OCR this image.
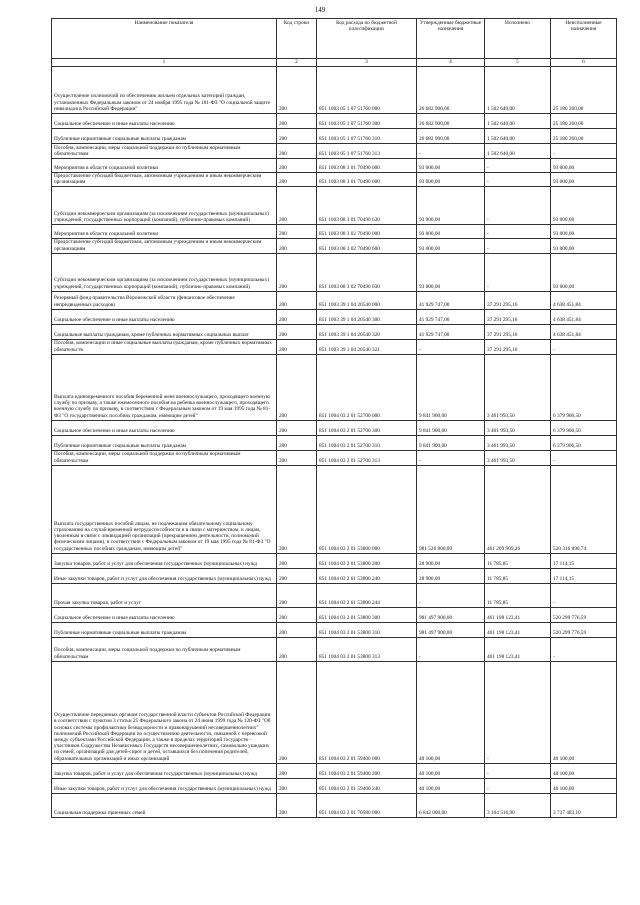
149
Наименование показателя	Код строки	Код расхода по бюджетной классификации	Утвержденные бюджетные назначения	Исполнено	Неисполненные назначения
1	2	3	4	5	6
Осуществление полномочий по обеспечению жильем отдельных категорий граждан, установленных Федеральным законом от 24 ноября 1995 года № 181-ФЗ "О социальной защите инвалидов в Российской Федерации"	200	851 1003 05 1 07 51760 000	26 682 900,00	1 502 640,00	25 180 260,00
Социальное обеспечение и иные выплаты населению	200	851 1003 05 1 07 51760 300	26 682 900,00	1 502 640,00	25 180 260,00
Публичные нормативные социальные выплаты гражданам	200	851 1003 05 1 07 51760 310	26 682 900,00	1 502 640,00	25 180 260,00
Пособия, компенсации, меры социальной поддержки по публичным нормативным обязательствам	200	851 1003 05 1 07 51760 313	-	1 502 640,00	-
Мероприятия в области социальной политики	200	851 1003 08 3 01 70490 000	93 000,00	-	93 000,00
Предоставление субсидий бюджетным, автономным учреждениям и иным некоммерческим организациям	200	851 1003 08 3 01 70490 600	93 000,00	-	93 000,00
Субсидии некоммерческим организациям (за исключением государственных (муниципальных) учреждений, государственных корпораций (компаний), публично-правовых компаний)	200	851 1003 08 3 01 70490 630	93 000,00	-	93 000,00
Мероприятия в области социальной политики	200	851 1003 08 3 02 70490 000	93 000,00	-	93 000,00
Предоставление субсидий бюджетным, автономным учреждениям и иным некоммерческим организациям	200	851 1003 08 3 02 70490 600	93 000,00	-	93 000,00
Субсидии некоммерческим организациям (за исключением государственных (муниципальных) учреждений, государственных корпораций (компаний), публично-правовых компаний)	200	851 1003 08 3 02 70490 630	93 000,00	-	93 000,00
Резервный фонд правительства Воронежской области (финансовое обеспечение непредвиденных расходов)	200	851 1003 39 1 04 20540 000	41 929 747,00	37 291 295,16	4 638 451,84
Социальное обеспечение и иные выплаты населению	200	851 1003 39 1 04 20540 300	41 929 747,00	37 291 295,16	4 638 451,84
Социальные выплаты гражданам, кроме публичных нормативных социальных выплат	200	851 1003 39 1 04 20540 320	41 929 747,00	37 291 295,16	4 638 451,84
Пособия, компенсации и иные социальные выплаты гражданам, кроме публичных нормативных обязательств	200	851 1003 39 1 04 20540 321	-	37 291 295,16	-
Выплата единовременного пособия беременной жене военнослужащего, проходящего военную службу по призыву, а также ежемесячного пособия на ребенка военнослужащего, проходящего военную службу по призыву, в соответствии с Федеральным законом от 19 мая 1995 года № 81-ФЗ "О государственных пособиях гражданам, имеющим детей"	200	851 1004 03 2 01 52700 000	9 841 900,00	3 461 993,50	6 379 906,50
Социальное обеспечение и иные выплаты населению	200	851 1004 03 2 01 52700 300	9 841 900,00	3 461 993,50	6 379 906,50
Публичные нормативные социальные выплаты гражданам	200	851 1004 03 2 01 52700 310	9 841 900,00	3 461 993,50	6 379 906,50
Пособия, компенсации, меры социальной поддержки по публичным нормативным обязательствам	200	851 1004 03 2 01 52700 313	-	3 461 993,50	-
Выплата государственных пособий лицам, не подлежащим обязательному социальному страхованию на случай временной нетрудоспособности и в связи с материнством, и лицам, уволенным в связи с ликвидацией организаций (прекращением деятельности, полномочий физическими лицами), в соответствии с Федеральным законом от 19 мая 1995 года № 81-ФЗ "О государственных пособиях гражданам, имеющим детей"	200	851 1004 03 2 01 53800 000	981 526 800,00	461 209 909,26	520 316 890,74
Закупка товаров, работ и услуг для обеспечения государственных (муниципальных) нужд	200	851 1004 03 2 01 53800 200	28 900,00	11 785,85	17 114,15
Иные закупки товаров, работ и услуг для обеспечения государственных (муниципальных) нужд	200	851 1004 03 2 01 53800 240	28 900,00	11 785,85	17 114,15
Прочая закупка товаров, работ и услуг	200	851 1004 03 2 01 53800 244	-	11 785,85	-
Социальное обеспечение и иные выплаты населению	200	851 1004 03 2 01 53800 300	981 497 900,00	461 198 123,41	520 299 776,59
Публичные нормативные социальные выплаты гражданам	200	851 1004 03 2 01 53800 310	981 497 900,00	461 198 123,41	520 299 776,59
Пособия, компенсации, меры социальной поддержки по публичным нормативным обязательствам	200	851 1004 03 2 01 53800 313	-	461 198 123,41	-
Осуществление переданных органам государственной власти субъектов Российской Федерации в соответствии с пунктом 3 статьи 25 Федерального закона от 24 июня 1999 года № 120-ФЗ "Об основах системы профилактики безнадзорности и правонарушений несовершеннолетних" полномочий Российской Федерации по осуществлению деятельности, связанной с перевозкой между субъектами Российской Федерации, а также в пределах территорий государств - участников Содружества Независимых Государств несовершеннолетних, самовольно ушедших из семей, организаций для детей-сирот и детей, оставшихся без попечения родителей, образовательных организаций и иных организаций	200	851 1004 03 2 01 59400 000	40 100,00	-	40 100,00
Закупка товаров, работ и услуг для обеспечения государственных (муниципальных) нужд	200	851 1004 03 2 01 59400 200	40 100,00	-	40 100,00
Иные закупки товаров, работ и услуг для обеспечения государственных (муниципальных) нужд	200	851 1004 03 2 01 59400 240	40 100,00	-	40 100,00
Социальная поддержка приемных семей	200	851 1004 03 2 01 70580 000	6 842 000,00	3 104 516,90	3 737 483,10
